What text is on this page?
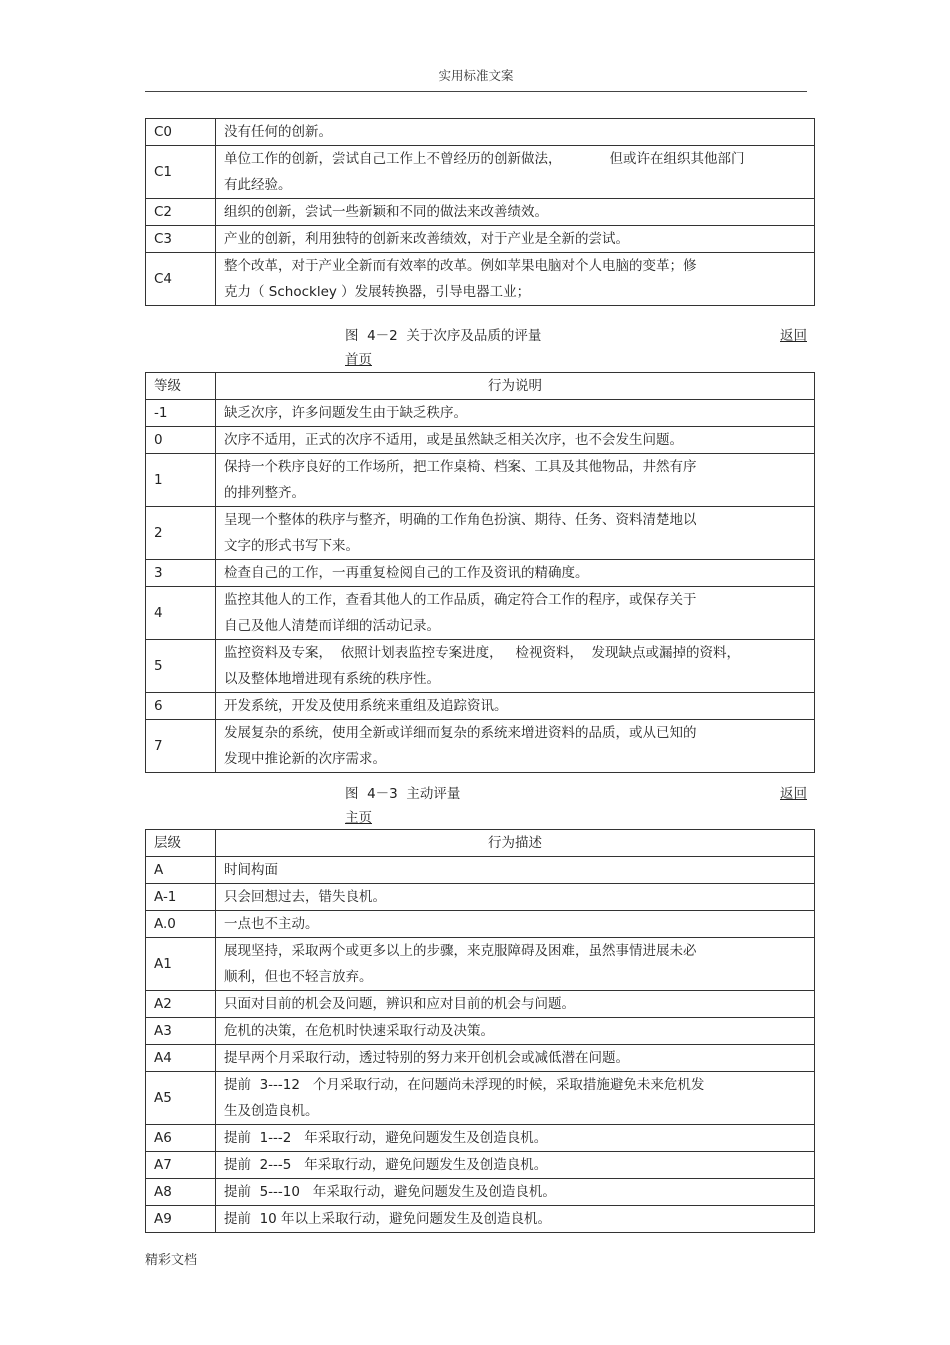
实用标准文案
C0	没有任何的创新。

C1	单位工作的创新，尝试自己工作上不曾经历的创新做法， 但或许在组织其他部门
有此经验。

C2	组织的创新，尝试一些新颖和不同的做法来改善绩效。

C3	产业的创新，利用独特的创新来改善绩效，对于产业是全新的尝试。

C4	整个改革，对于产业全新而有效率的改革。例如苹果电脑对个人电脑的变革；修
克力（ Schockley ）发展转换器，引导电器工业；
图  4－2  关于次序及品质的评量	返回
首页
等级	行为说明
-1	缺乏次序，许多问题发生由于缺乏秩序。

0	次序不适用，正式的次序不适用，或是虽然缺乏相关次序，也不会发生问题。

1	保持一个秩序良好的工作场所，把工作桌椅、档案、工具及其他物品，井然有序
的排列整齐。

2	呈现一个整体的秩序与整齐，明确的工作角色扮演、期待、任务、资料清楚地以
文字的形式书写下来。

3	检查自己的工作，一再重复检阅自己的工作及资讯的精确度。

4	监控其他人的工作，查看其他人的工作品质，确定符合工作的程序，或保存关于
自己及他人清楚而详细的活动记录。

5	监控资料及专案，  依照计划表监控专案进度，   检视资料，  发现缺点或漏掉的资料，
以及整体地增进现有系统的秩序性。

6	开发系统，开发及使用系统来重组及追踪资讯。

7	发展复杂的系统，使用全新或详细而复杂的系统来增进资料的品质，或从已知的
发现中推论新的次序需求。
图  4－3  主动评量	返回
主页
层级	行为描述
A	时间构面

A-1	只会回想过去，错失良机。

A.0	一点也不主动。

A1	展现坚持，采取两个或更多以上的步骤，来克服障碍及困难，虽然事情进展未必
顺利，但也不轻言放弃。

A2	只面对目前的机会及问题，辨识和应对目前的机会与问题。

A3	危机的决策，在危机时快速采取行动及决策。

A4	提早两个月采取行动，透过特别的努力来开创机会或减低潜在问题。

A5	提前  3---12   个月采取行动，在问题尚未浮现的时候，采取措施避免未来危机发
生及创造良机。

A6	提前  1---2   年采取行动，避免问题发生及创造良机。

A7	提前  2---5   年采取行动，避免问题发生及创造良机。

A8	提前  5---10   年采取行动，避免问题发生及创造良机。

A9	提前  10 年以上采取行动，避免问题发生及创造良机。
精彩文档
